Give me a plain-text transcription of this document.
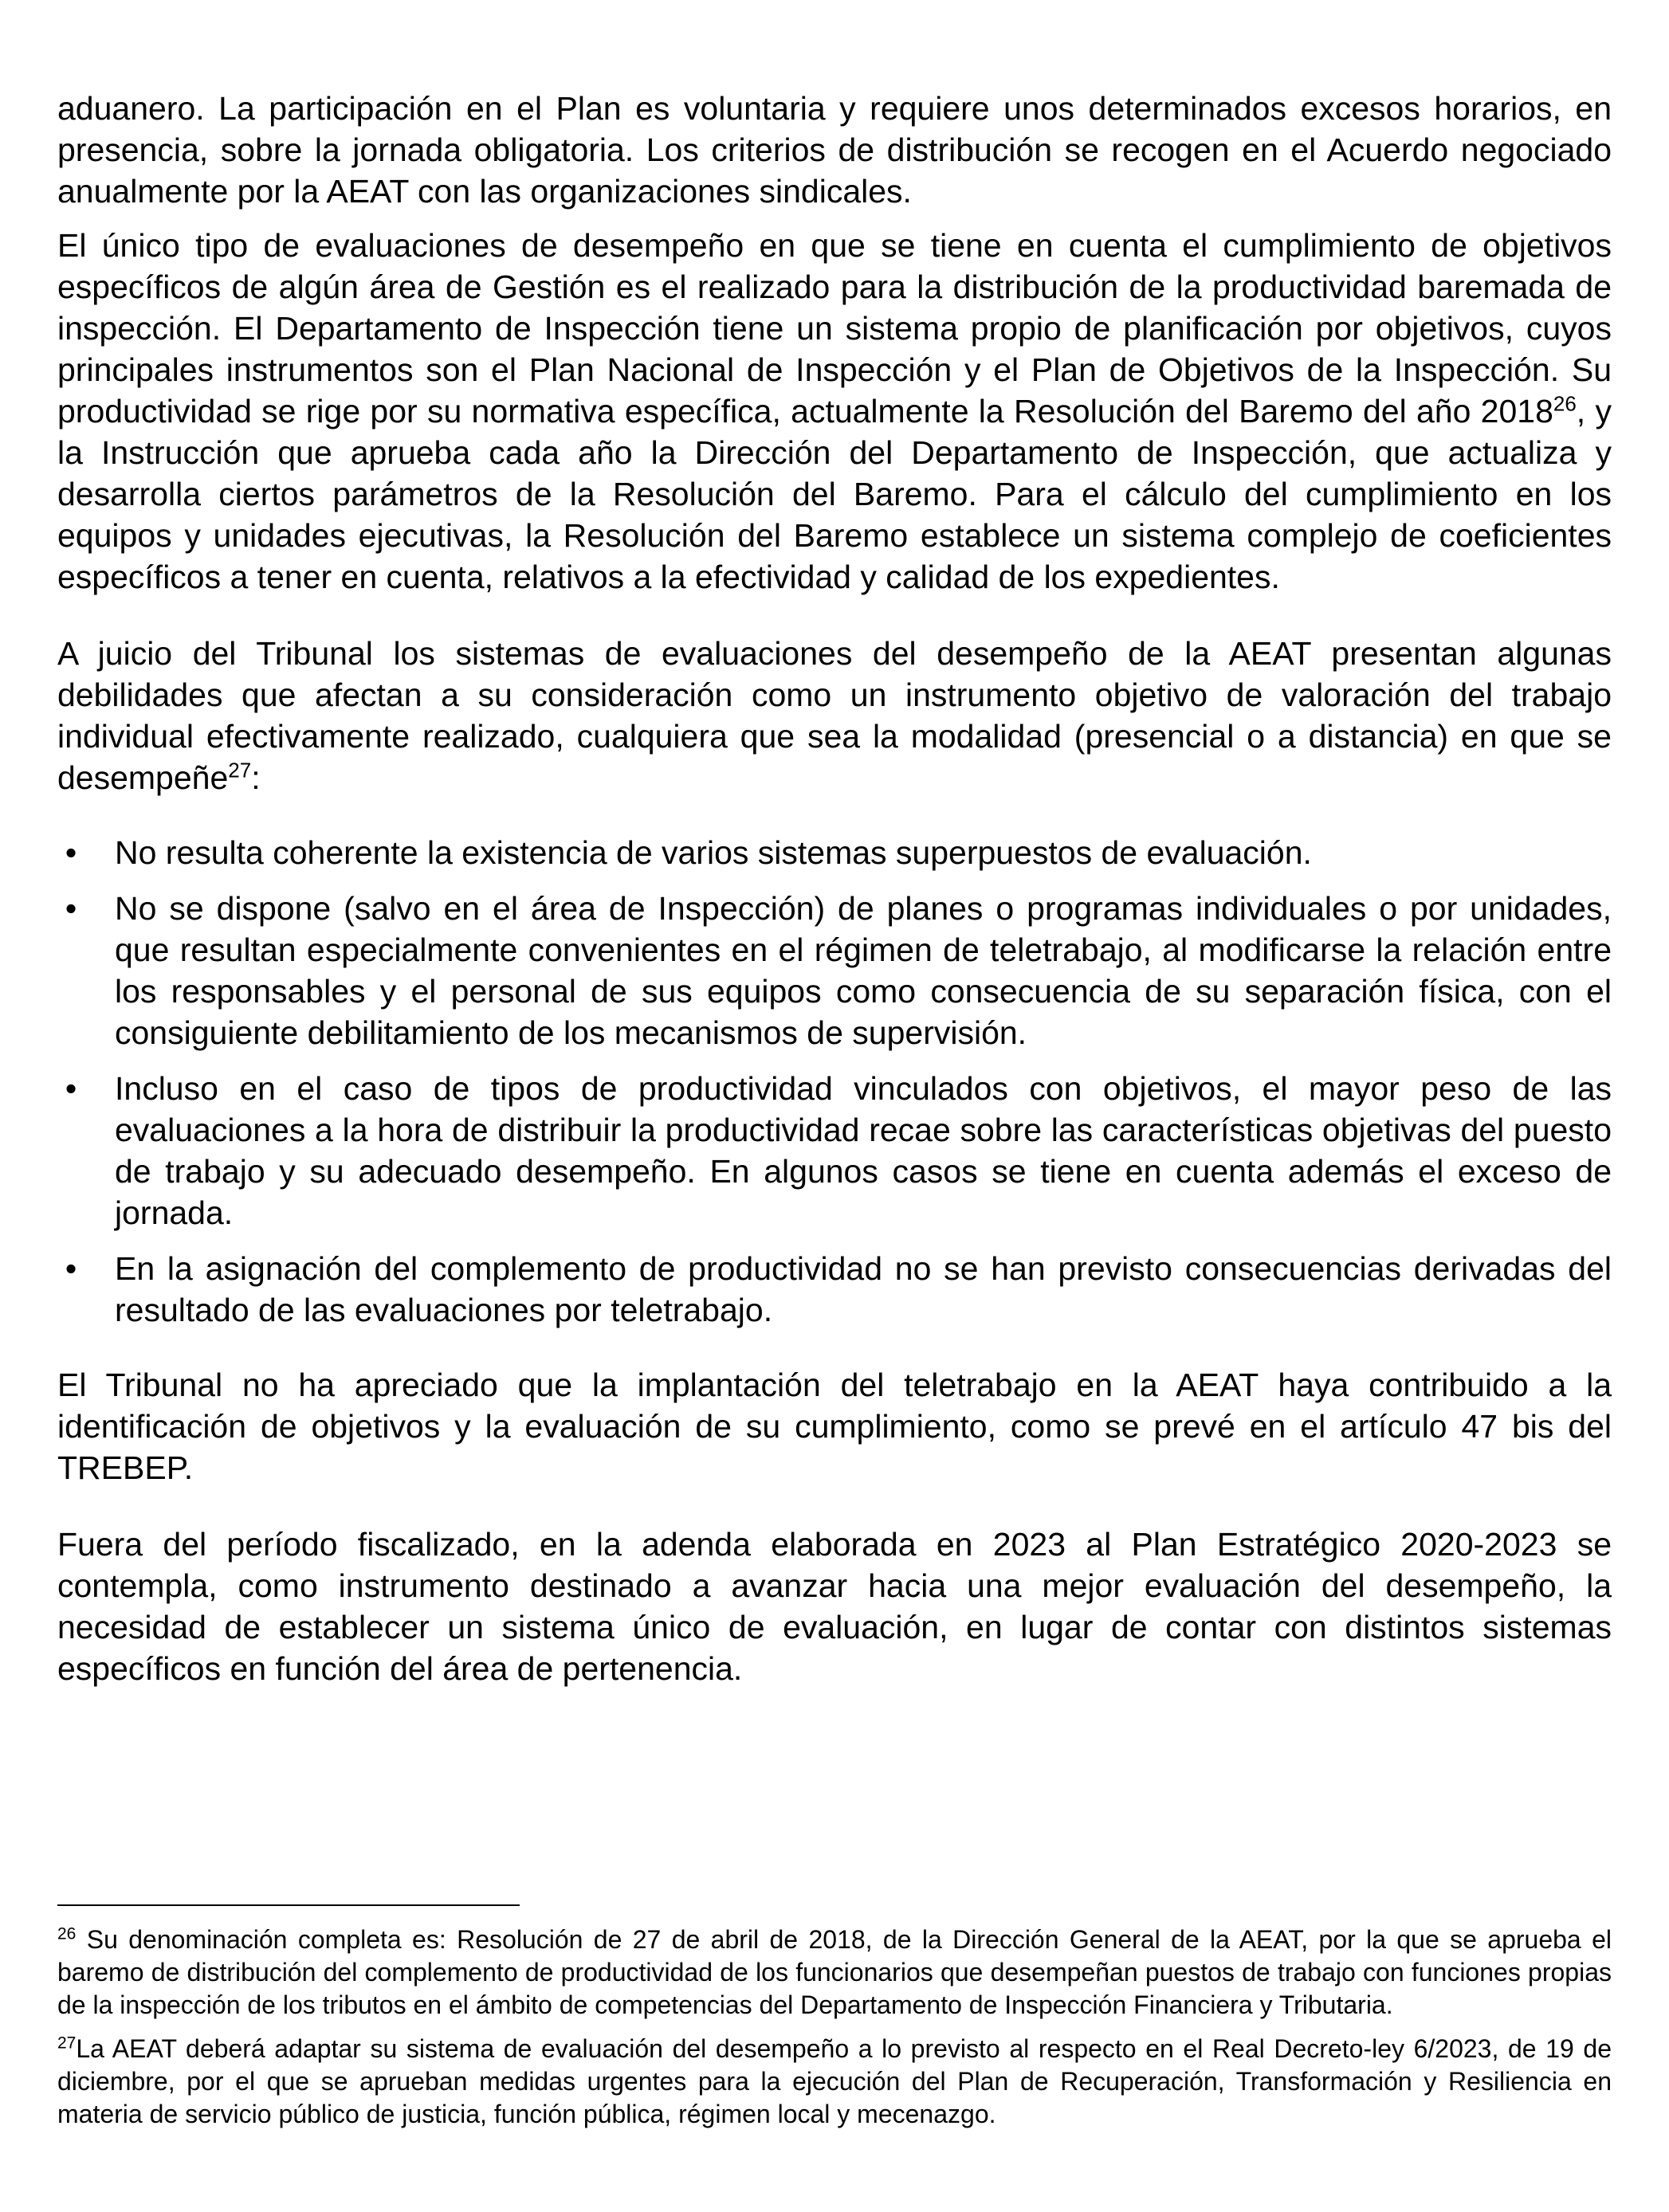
aduanero. La participación en el Plan es voluntaria y requiere unos determinados excesos horarios, en presencia, sobre la jornada obligatoria. Los criterios de distribución se recogen en el Acuerdo negociado anualmente por la AEAT con las organizaciones sindicales.

El único tipo de evaluaciones de desempeño en que se tiene en cuenta el cumplimiento de objetivos específicos de algún área de Gestión es el realizado para la distribución de la productividad baremada de inspección. El Departamento de Inspección tiene un sistema propio de planificación por objetivos, cuyos principales instrumentos son el Plan Nacional de Inspección y el Plan de Objetivos de la Inspección. Su productividad se rige por su normativa específica, actualmente la Resolución del Baremo del año 2018$^{26}$, y la Instrucción que aprueba cada año la Dirección del Departamento de Inspección, que actualiza y desarrolla ciertos parámetros de la Resolución del Baremo. Para el cálculo del cumplimiento en los equipos y unidades ejecutivas, la Resolución del Baremo establece un sistema complejo de coeficientes específicos a tener en cuenta, relativos a la efectividad y calidad de los expedientes.

A juicio del Tribunal los sistemas de evaluaciones del desempeño de la AEAT presentan algunas debilidades que afectan a su consideración como un instrumento objetivo de valoración del trabajo individual efectivamente realizado, cualquiera que sea la modalidad (presencial o a distancia) en que se desempeñe$^{27}$:

• No resulta coherente la existencia de varios sistemas superpuestos de evaluación.
• No se dispone (salvo en el área de Inspección) de planes o programas individuales o por unidades, que resultan especialmente convenientes en el régimen de teletrabajo, al modificarse la relación entre los responsables y el personal de sus equipos como consecuencia de su separación física, con el consiguiente debilitamiento de los mecanismos de supervisión.
• Incluso en el caso de tipos de productividad vinculados con objetivos, el mayor peso de las evaluaciones a la hora de distribuir la productividad recae sobre las características objetivas del puesto de trabajo y su adecuado desempeño. En algunos casos se tiene en cuenta además el exceso de jornada.
• En la asignación del complemento de productividad no se han previsto consecuencias derivadas del resultado de las evaluaciones por teletrabajo.

El Tribunal no ha apreciado que la implantación del teletrabajo en la AEAT haya contribuido a la identificación de objetivos y la evaluación de su cumplimiento, como se prevé en el artículo 47 bis del TREBEP.

Fuera del período fiscalizado, en la adenda elaborada en 2023 al Plan Estratégico 2020-2023 se contempla, como instrumento destinado a avanzar hacia una mejor evaluación del desempeño, la necesidad de establecer un sistema único de evaluación, en lugar de contar con distintos sistemas específicos en función del área de pertenencia.

$^{26}$ Su denominación completa es: Resolución de 27 de abril de 2018, de la Dirección General de la AEAT, por la que se aprueba el baremo de distribución del complemento de productividad de los funcionarios que desempeñan puestos de trabajo con funciones propias de la inspección de los tributos en el ámbito de competencias del Departamento de Inspección Financiera y Tributaria.

$^{27}$La AEAT deberá adaptar su sistema de evaluación del desempeño a lo previsto al respecto en el Real Decreto-ley 6/2023, de 19 de diciembre, por el que se aprueban medidas urgentes para la ejecución del Plan de Recuperación, Transformación y Resiliencia en materia de servicio público de justicia, función pública, régimen local y mecenazgo.
